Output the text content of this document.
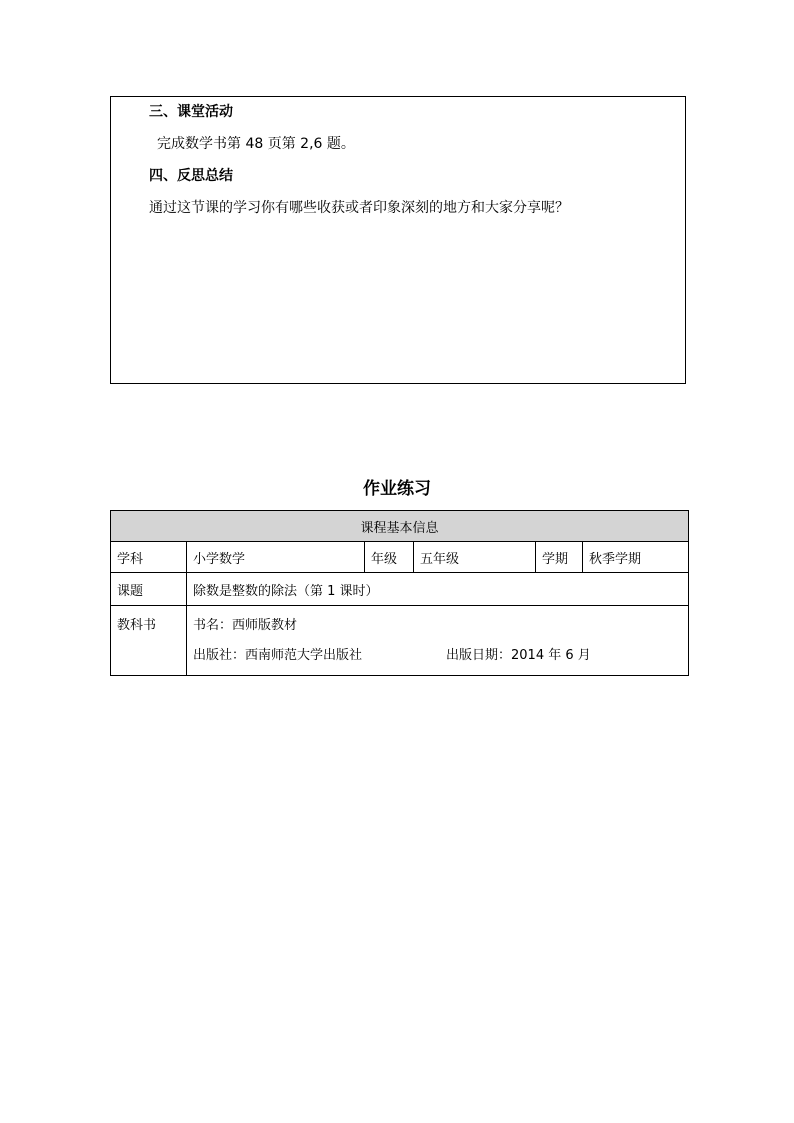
三、课堂活动
完成数学书第 48 页第 2,6 题。
四、反思总结
通过这节课的学习你有哪些收获或者印象深刻的地方和大家分享呢？
作业练习
课程基本信息					
学科	小学数学	年级	五年级	学期	秋季学期
课题	除数是整数的除法（第 1 课时）				
教科书	书名：西师版教材
出版社：西南师范大学出版社 出版日期：2014 年 6 月				
